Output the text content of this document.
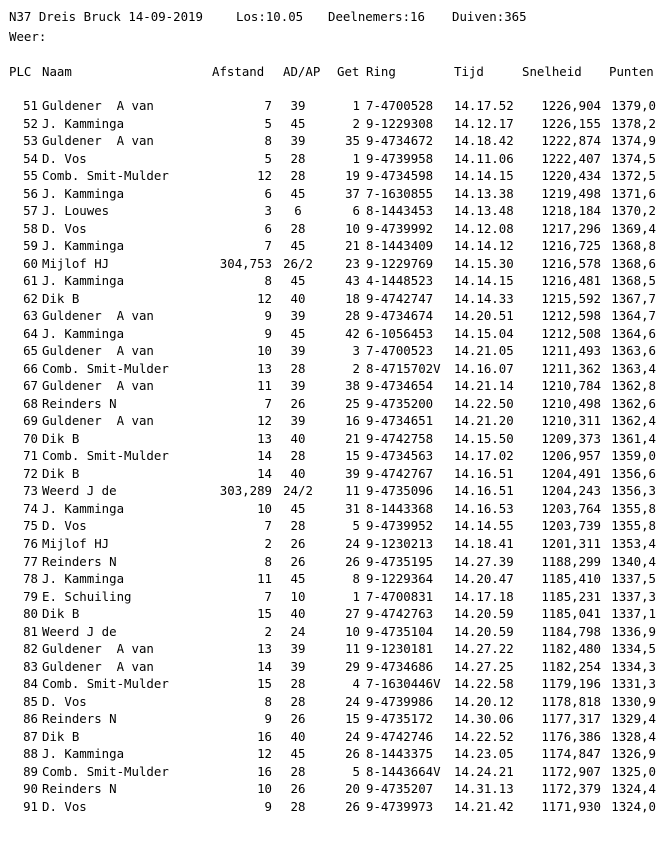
N37 Dreis Bruck 14-09-2019

	Los:10.05

Deelnemers:16

Duiven:365

Weer:
PLC Naam	Afstand AD/AP Get Ring	Tijd	Snelheid Punten
51 Guldener  A van	7 39	1 7-4700528 14.17.52 1226,904 1379,0
52 J. Kamminga	5 45	2 9-1229308 14.12.17 1226,155 1378,2
53 Guldener  A van	8 39	35 9-4734672 14.18.42 1222,874 1374,9
54 D. Vos	5 28	1 9-4739958 14.11.06 1222,407 1374,5
55 Comb. Smit-Mulder	12 28	19 9-4734598 14.14.15 1220,434 1372,5
56 J. Kamminga	6 45	37 7-1630855 14.13.38 1219,498 1371,6
57 J. Louwes	3 6	6 8-1443453 14.13.48 1218,184 1370,2
58 D. Vos	6 28	10 9-4739992 14.12.08 1217,296 1369,4
59 J. Kamminga	7 45	21 8-1443409 14.14.12 1216,725 1368,8
60 Mijlof HJ	304,753 26/2	23 9-1229769 14.15.30 1216,578 1368,6
61 J. Kamminga	8 45	43 4-1448523 14.14.15 1216,481 1368,5
62 Dik B	12 40	18 9-4742747 14.14.33 1215,592 1367,7
63 Guldener  A van	9 39	28 9-4734674 14.20.51 1212,598 1364,7
64 J. Kamminga	9 45	42 6-1056453 14.15.04 1212,508 1364,6
65 Guldener  A van	10 39	3 7-4700523 14.21.05 1211,493 1363,6
66 Comb. Smit-Mulder	13 28	2 8-4715702V 14.16.07 1211,362 1363,4
67 Guldener  A van	11 39	38 9-4734654 14.21.14 1210,784 1362,8
68 Reinders N	7 26	25 9-4735200 14.22.50 1210,498 1362,6
69 Guldener  A van	12 39	16 9-4734651 14.21.20 1210,311 1362,4
70 Dik B	13 40	21 9-4742758 14.15.50 1209,373 1361,4
71 Comb. Smit-Mulder	14 28	15 9-4734563 14.17.02 1206,957 1359,0
72 Dik B	14 40	39 9-4742767 14.16.51 1204,491 1356,6
73 Weerd J de	303,289 24/2	11 9-4735096 14.16.51 1204,243 1356,3
74 J. Kamminga	10 45	31 8-1443368 14.16.53 1203,764 1355,8
75 D. Vos	7 28	5 9-4739952 14.14.55 1203,739 1355,8
76 Mijlof HJ	2 26	24 9-1230213 14.18.41 1201,311 1353,4
77 Reinders N	8 26	26 9-4735195 14.27.39 1188,299 1340,4
78 J. Kamminga	11 45	8 9-1229364 14.20.47 1185,410 1337,5
79 E. Schuiling	7 10	1 7-4700831 14.17.18 1185,231 1337,3
80 Dik B	15 40	27 9-4742763 14.20.59 1185,041 1337,1
81 Weerd J de	2 24	10 9-4735104 14.20.59 1184,798 1336,9
82 Guldener  A van	13 39	11 9-1230181 14.27.22 1182,480 1334,5
83 Guldener  A van	14 39	29 9-4734686 14.27.25 1182,254 1334,3
84 Comb. Smit-Mulder	15 28	4 7-1630446V 14.22.58 1179,196 1331,3
85 D. Vos	8 28	24 9-4739986 14.20.12 1178,818 1330,9
86 Reinders N	9 26	15 9-4735172 14.30.06 1177,317 1329,4
87 Dik B	16 40	24 9-4742746 14.22.52 1176,386 1328,4
88 J. Kamminga	12 45	26 8-1443375 14.23.05 1174,847 1326,9
89 Comb. Smit-Mulder	16 28	5 8-1443664V 14.24.21 1172,907 1325,0
90 Reinders N	10 26	20 9-4735207 14.31.13 1172,379 1324,4
91 D. Vos	9 28	26 9-4739973 14.21.42 1171,930 1324,0
